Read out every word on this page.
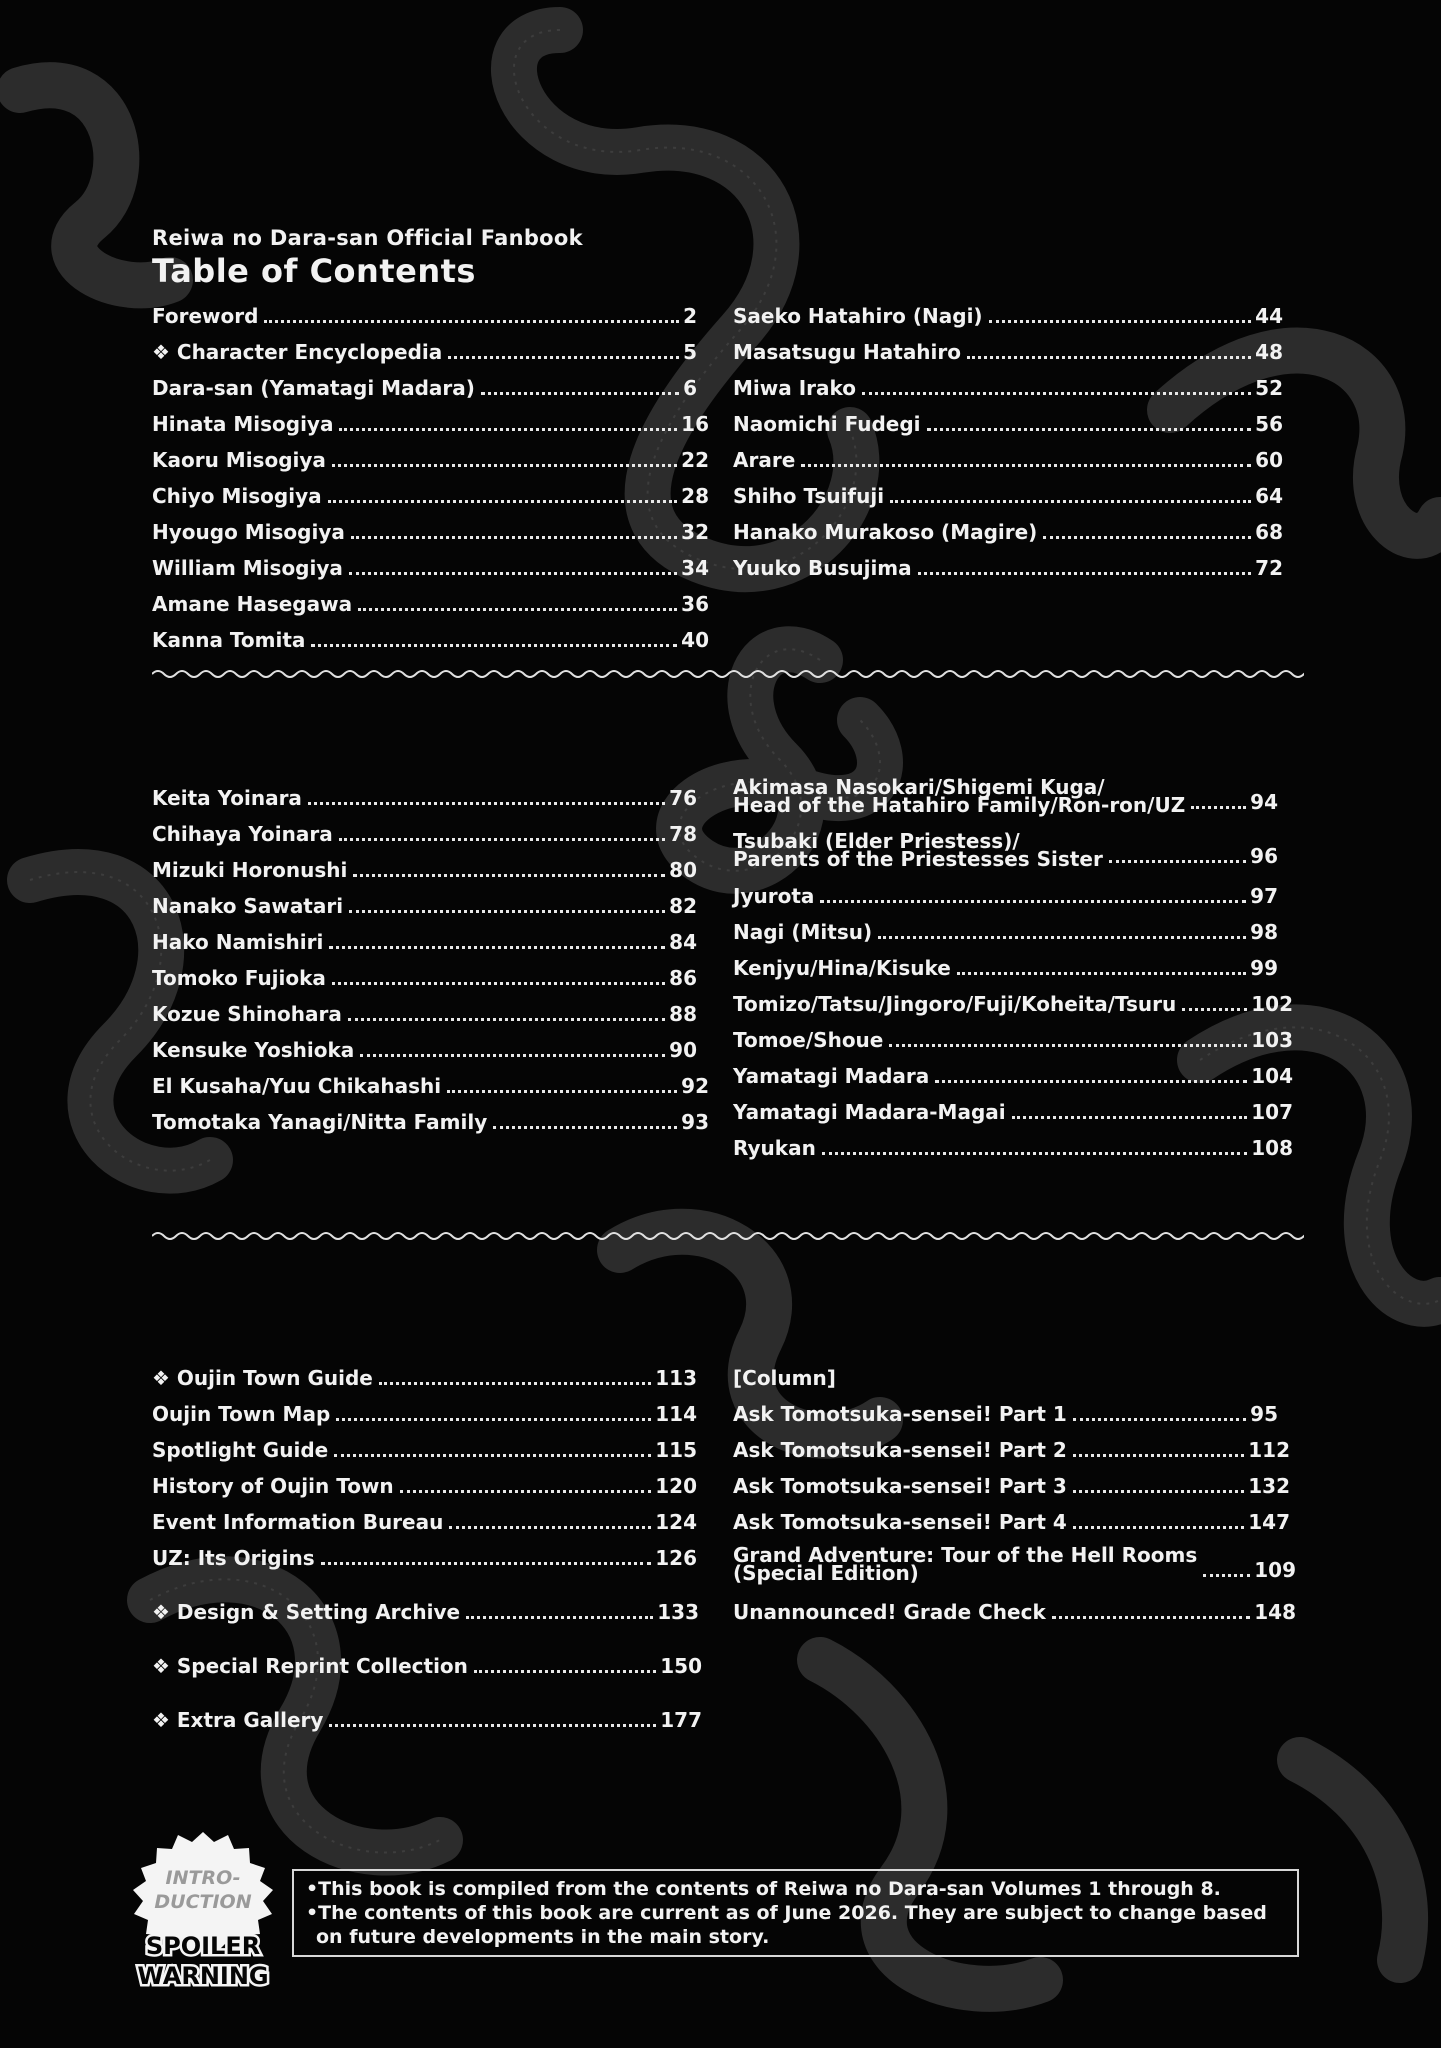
Reiwa no Dara-san Official Fanbook
Table of Contents
Foreword	2
❖ Character Encyclopedia	5
Dara-san (Yamatagi Madara)	6
Hinata Misogiya	16
Kaoru Misogiya	22
Chiyo Misogiya	28
Hyougo Misogiya	32
William Misogiya	34
Amane Hasegawa	36
Kanna Tomita	40
Saeko Hatahiro (Nagi)	44
Masatsugu Hatahiro	48
Miwa Irako	52
Naomichi Fudegi	56
Arare	60
Shiho Tsuifuji	64
Hanako Murakoso (Magire)	68
Yuuko Busujima	72
Keita Yoinara	76
Chihaya Yoinara	78
Mizuki Horonushi	80
Nanako Sawatari	82
Hako Namishiri	84
Tomoko Fujioka	86
Kozue Shinohara	88
Kensuke Yoshioka	90
El Kusaha/Yuu Chikahashi	92
Tomotaka Yanagi/Nitta Family	93
Akimasa Nasokari/Shigemi Kuga/
Head of the Hatahiro Family/Ron-ron/UZ	94
Tsubaki (Elder Priestess)/
Parents of the Priestesses Sister	96
Jyurota	97
Nagi (Mitsu)	98
Kenjyu/Hina/Kisuke	99
Tomizo/Tatsu/Jingoro/Fuji/Koheita/Tsuru	102
Tomoe/Shoue	103
Yamatagi Madara	104
Yamatagi Madara-Magai	107
Ryukan	108
❖ Oujin Town Guide	113
Oujin Town Map	114
Spotlight Guide	115
History of Oujin Town	120
Event Information Bureau	124
UZ: Its Origins	126
❖ Design & Setting Archive	133
❖ Special Reprint Collection	150
❖ Extra Gallery	177
[Column]
Ask Tomotsuka-sensei! Part 1	95
Ask Tomotsuka-sensei! Part 2	112
Ask Tomotsuka-sensei! Part 3	132
Ask Tomotsuka-sensei! Part 4	147
Grand Adventure: Tour of the Hell Rooms
(Special Edition)	109
Unannounced! Grade Check	148
INTRO-
DUCTION
SPOILER
WARNING
•This book is compiled from the contents of Reiwa no Dara-san Volumes 1 through 8.
•The contents of this book are current as of June 2026. They are subject to change based
on future developments in the main story.
